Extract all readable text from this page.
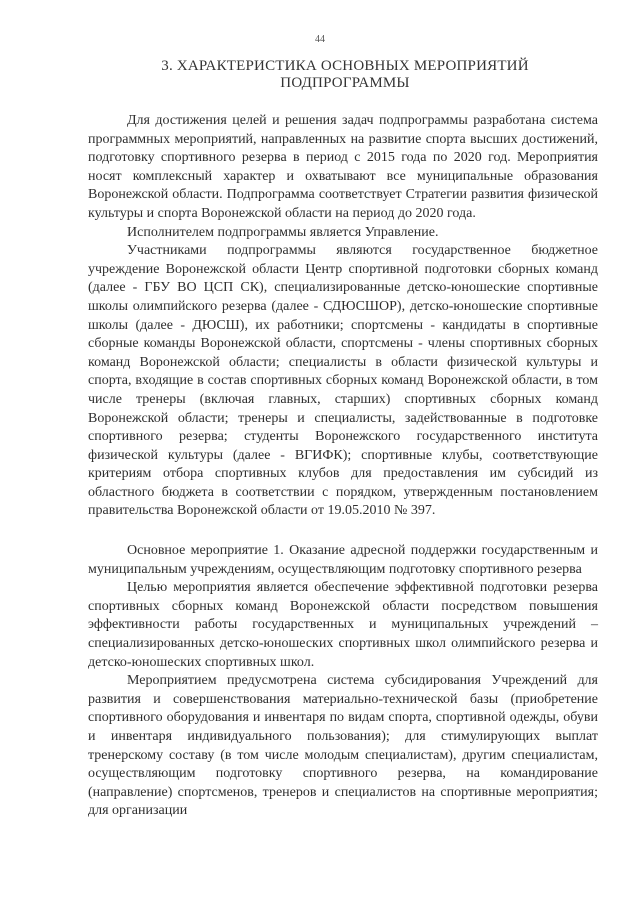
44
3. ХАРАКТЕРИСТИКА ОСНОВНЫХ МЕРОПРИЯТИЙ
ПОДПРОГРАММЫ

Для достижения целей и решения задач подпрограммы разработана система программных мероприятий, направленных на развитие спорта высших достижений, подготовку спортивного резерва в период с 2015 года по 2020 год. Мероприятия носят комплексный характер и охватывают все муниципальные образования Воронежской области. Подпрограмма соответствует Стратегии развития физической культуры и спорта Воронежской области на период до 2020 года.

Исполнителем подпрограммы является Управление.

Участниками подпрограммы являются государственное бюджетное учреждение Воронежской области Центр спортивной подготовки сборных команд (далее - ГБУ ВО ЦСП СК), специализированные детско-юношеские спортивные школы олимпийского резерва (далее - СДЮСШОР), детско-юношеские спортивные школы (далее - ДЮСШ), их работники; спортсмены - кандидаты в спортивные сборные команды Воронежской области, спортсмены - члены спортивных сборных команд Воронежской области; специалисты в области физической культуры и спорта, входящие в состав спортивных сборных команд Воронежской области, в том числе тренеры (включая главных, старших) спортивных сборных команд Воронежской области; тренеры и специалисты, задействованные в подготовке спортивного резерва; студенты Воронежского государственного института физической культуры (далее - ВГИФК); спортивные клубы, соответствующие критериям отбора спортивных клубов для предоставления им субсидий из областного бюджета в соответствии с порядком, утвержденным постановлением правительства Воронежской области от 19.05.2010 № 397.

Основное мероприятие 1. Оказание адресной поддержки государственным и муниципальным учреждениям, осуществляющим подготовку спортивного резерва

Целью мероприятия является обеспечение эффективной подготовки резерва спортивных сборных команд Воронежской области посредством повышения эффективности работы государственных и муниципальных учреждений – специализированных детско-юношеских спортивных школ олимпийского резерва и детско-юношеских спортивных школ.

Мероприятием предусмотрена система субсидирования Учреждений для развития и совершенствования материально-технической базы (приобретение спортивного оборудования и инвентаря по видам спорта, спортивной одежды, обуви и инвентаря индивидуального пользования); для стимулирующих выплат тренерскому составу (в том числе молодым специалистам), другим специалистам, осуществляющим подготовку спортивного резерва, на командирование (направление) спортсменов, тренеров и специалистов на спортивные мероприятия; для организации
